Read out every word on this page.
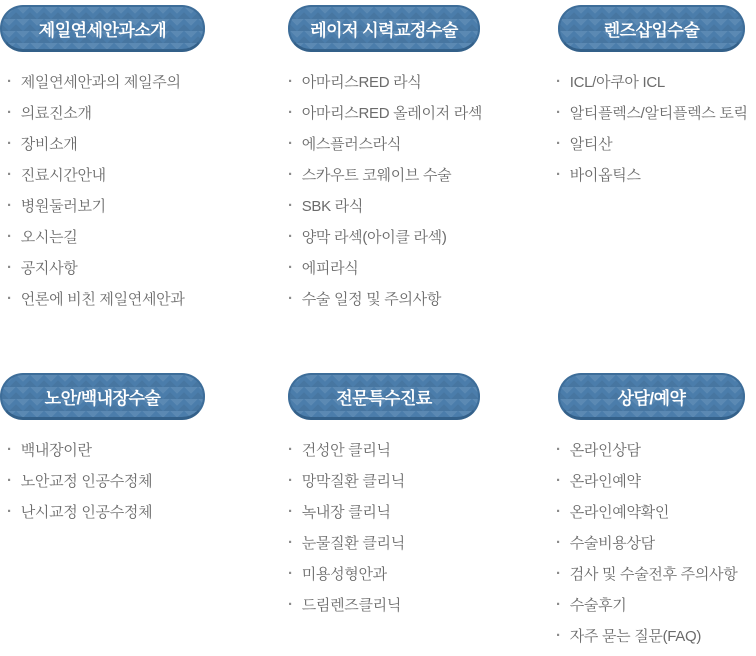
제일연세안과소개
· 제일연세안과의 제일주의
· 의료진소개
· 장비소개
· 진료시간안내
· 병원둘러보기
· 오시는길
· 공지사항
· 언론에 비친 제일연세안과
레이저 시력교정수술
· 아마리스RED 라식
· 아마리스RED 올레이저 라섹
· 에스플러스라식
· 스카우트 코웨이브 수술
· SBK 라식
· 양막 라섹(아이클 라섹)
· 에피라식
· 수술 일정 및 주의사항
렌즈삽입수술
· ICL/아쿠아 ICL
· 알티플렉스/알티플렉스 토릭
· 알티산
· 바이옵틱스
노안/백내장수술
· 백내장이란
· 노안교정 인공수정체
· 난시교정 인공수정체
전문특수진료
· 건성안 클리닉
· 망막질환 클리닉
· 녹내장 클리닉
· 눈물질환 클리닉
· 미용성형안과
· 드림렌즈클리닉
상담/예약
· 온라인상담
· 온라인예약
· 온라인예약확인
· 수술비용상담
· 검사 및 수술전후 주의사항
· 수술후기
· 자주 묻는 질문(FAQ)
